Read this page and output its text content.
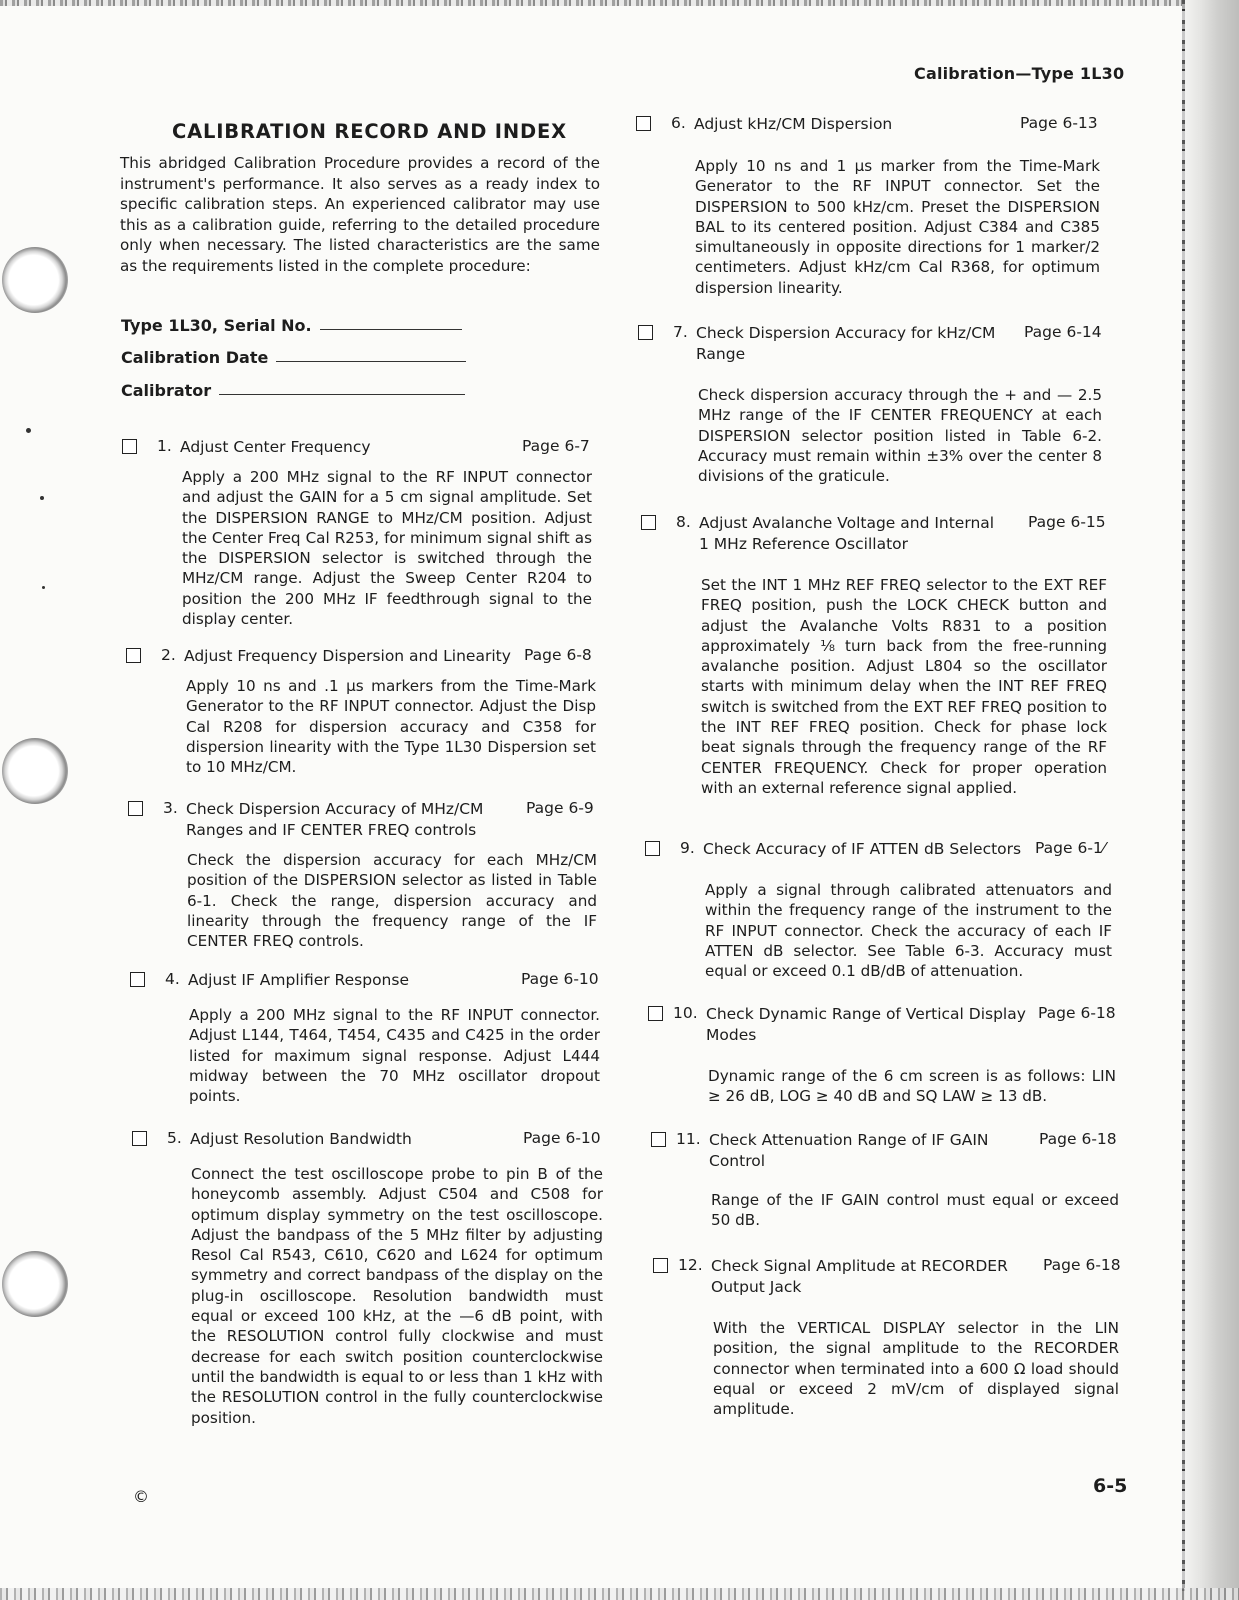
Calibration—Type 1L30
CALIBRATION RECORD AND INDEX
This abridged Calibration Procedure provides a record of the instrument's performance. It also serves as a ready index to specific calibration steps. An experienced calibrator may use this as a calibration guide, referring to the detailed procedure only when necessary. The listed characteristics are the same as the requirements listed in the complete procedure:
Type 1L30, Serial No.
Calibration Date
Calibrator
1. Adjust Center Frequency	Page 6-7
Apply a 200 MHz signal to the RF INPUT connector and adjust the GAIN for a 5 cm signal amplitude. Set the DISPERSION RANGE to MHz/CM position. Adjust the Center Freq Cal R253, for minimum signal shift as the DISPERSION selector is switched through the MHz/CM range. Adjust the Sweep Center R204 to position the 200 MHz IF feedthrough signal to the display center.
2. Adjust Frequency Dispersion and Linearity Page 6-8
Apply 10 ns and .1 µs markers from the Time-Mark Generator to the RF INPUT connector. Adjust the Disp Cal R208 for dispersion accuracy and C358 for dispersion linearity with the Type 1L30 Dispersion set to 10 MHz/CM.
3. Check Dispersion Accuracy of MHz/CM Ranges and IF CENTER FREQ controls
Page 6-9
Check the dispersion accuracy for each MHz/CM position of the DISPERSION selector as listed in Table 6-1. Check the range, dispersion accuracy and linearity through the frequency range of the IF CENTER FREQ controls.
4. Adjust IF Amplifier Response	Page 6-10
Apply a 200 MHz signal to the RF INPUT connector. Adjust L144, T464, T454, C435 and C425 in the order listed for maximum signal response. Adjust L444 midway between the 70 MHz oscillator dropout points.
5. Adjust Resolution Bandwidth	Page 6-10
Connect the test oscilloscope probe to pin B of the honeycomb assembly. Adjust C504 and C508 for optimum display symmetry on the test oscilloscope. Adjust the bandpass of the 5 MHz filter by adjusting Resol Cal R543, C610, C620 and L624 for optimum symmetry and correct bandpass of the display on the plug-in oscilloscope. Resolution bandwidth must equal or exceed 100 kHz, at the —6 dB point, with the RESOLUTION control fully clockwise and must decrease for each switch position counterclockwise until the bandwidth is equal to or less than 1 kHz with the RESOLUTION control in the fully counterclockwise position.
6. Adjust kHz/CM Dispersion	Page 6-13
Apply 10 ns and 1 µs marker from the Time-Mark Generator to the RF INPUT connector. Set the DISPERSION to 500 kHz/cm. Preset the DISPERSION BAL to its centered position. Adjust C384 and C385 simultaneously in opposite directions for 1 marker/2 centimeters. Adjust kHz/cm Cal R368, for optimum dispersion linearity.
7. Check Dispersion Accuracy for kHz/CM Range
Page 6-14
Check dispersion accuracy through the + and — 2.5 MHz range of the IF CENTER FREQUENCY at each DISPERSION selector position listed in Table 6-2. Accuracy must remain within ±3% over the center 8 divisions of the graticule.
8. Adjust Avalanche Voltage and Internal 1 MHz Reference Oscillator
Page 6-15
Set the INT 1 MHz REF FREQ selector to the EXT REF FREQ position, push the LOCK CHECK button and adjust the Avalanche Volts R831 to a position approximately ⅛ turn back from the free-running avalanche position. Adjust L804 so the oscillator starts with minimum delay when the INT REF FREQ switch is switched from the EXT REF FREQ position to the INT REF FREQ position. Check for phase lock beat signals through the frequency range of the RF CENTER FREQUENCY. Check for proper operation with an external reference signal applied.
9. Check Accuracy of IF ATTEN dB Selectors Page 6-1⁄
Apply a signal through calibrated attenuators and within the frequency range of the instrument to the RF INPUT connector. Check the accuracy of each IF ATTEN dB selector. See Table 6-3. Accuracy must equal or exceed 0.1 dB/dB of attenuation.
10. Check Dynamic Range of Vertical Display Modes
Page 6-18
Dynamic range of the 6 cm screen is as follows: LIN ≥ 26 dB, LOG ≥ 40 dB and SQ LAW ≥ 13 dB.
11. Check Attenuation Range of IF GAIN Control
Page 6-18
Range of the IF GAIN control must equal or exceed 50 dB.
12. Check Signal Amplitude at RECORDER Output Jack
Page 6-18
With the VERTICAL DISPLAY selector in the LIN position, the signal amplitude to the RECORDER connector when terminated into a 600 Ω load should equal or exceed 2 mV/cm of displayed signal amplitude.
©	6-5
